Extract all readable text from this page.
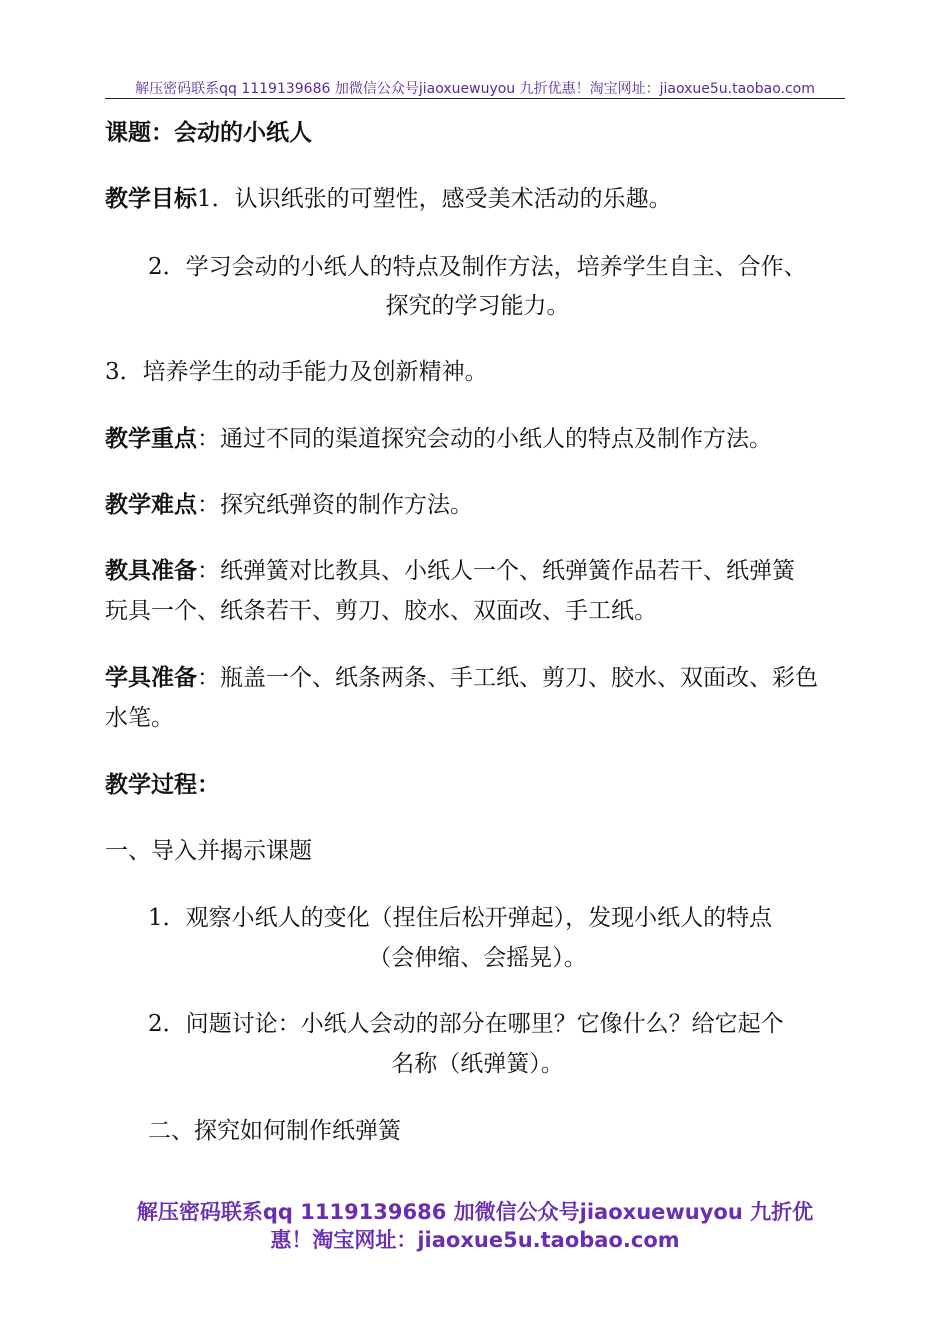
解压密码联系qq 1119139686 加微信公众号jiaoxuewuyou 九折优惠！淘宝网址：jiaoxue5u.taobao.com
课题：会动的小纸人
教学目标1．认识纸张的可塑性，感受美术活动的乐趣。
2．学习会动的小纸人的特点及制作方法，培养学生自主、合作、
探究的学习能力。
3．培养学生的动手能力及创新精神。
教学重点：通过不同的渠道探究会动的小纸人的特点及制作方法。
教学难点：探究纸弹资的制作方法。
教具准备：纸弹簧对比教具、小纸人一个、纸弹簧作品若干、纸弹簧
玩具一个、纸条若干、剪刀、胶水、双面改、手工纸。
学具准备：瓶盖一个、纸条两条、手工纸、剪刀、胶水、双面改、彩色
水笔。
教学过程：
一、导入并揭示课题
1．观察小纸人的变化（捏住后松开弹起），发现小纸人的特点
（会伸缩、会摇晃）。
2．问题讨论：小纸人会动的部分在哪里？它像什么？给它起个
名称（纸弹簧）。
二、探究如何制作纸弹簧
解压密码联系qq 1119139686 加微信公众号jiaoxuewuyou 九折优
惠！淘宝网址：jiaoxue5u.taobao.com
